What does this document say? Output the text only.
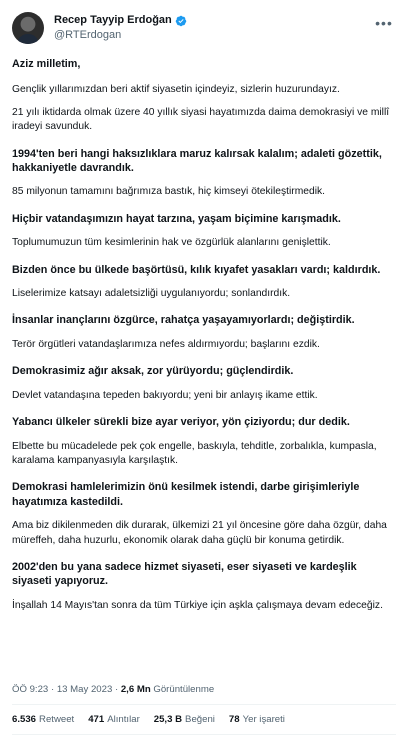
Recep Tayyip Erdoğan
@RTErdogan
•••

Aziz milletim,

Gençlik yıllarımızdan beri aktif siyasetin içindeyiz, sizlerin huzurundayız.

21 yılı iktidarda olmak üzere 40 yıllık siyasi hayatımızda daima demokrasiyi ve millî iradeyi savunduk.

1994'ten beri hangi haksızlıklara maruz kalırsak kalalım; adaleti gözettik, hakkaniyetle davrandık.

85 milyonun tamamını bağrımıza bastık, hiç kimseyi ötekileştirmedik.

Hiçbir vatandaşımızın hayat tarzına, yaşam biçimine karışmadık.

Toplumumuzun tüm kesimlerinin hak ve özgürlük alanlarını genişlettik.

Bizden önce bu ülkede başörtüsü, kılık kıyafet yasakları vardı; kaldırdık.

Liselerimize katsayı adaletsizliği uygulanıyordu; sonlandırdık.

İnsanlar inançlarını özgürce, rahatça yaşayamıyorlardı; değiştirdik.

Terör örgütleri vatandaşlarımıza nefes aldırmıyordu; başlarını ezdik.

Demokrasimiz ağır aksak, zor yürüyordu; güçlendirdik.

Devlet vatandaşına tepeden bakıyordu; yeni bir anlayış ikame ettik.

Yabancı ülkeler sürekli bize ayar veriyor, yön çiziyordu; dur dedik.

Elbette bu mücadelede pek çok engelle, baskıyla, tehditle, zorbalıkla, kumpasla, karalama kampanyasıyla karşılaştık.

Demokrasi hamlelerimizin önü kesilmek istendi, darbe girişimleriyle hayatımıza kastedildi.

Ama biz dikilenmeden dik durarak, ülkemizi 21 yıl öncesine göre daha özgür, daha müreffeh, daha huzurlu, ekonomik olarak daha güçlü bir konuma getirdik.

2002'den bu yana sadece hizmet siyaseti, eser siyaseti ve kardeşlik siyaseti yapıyoruz.

İnşallah 14 Mayıs'tan sonra da tüm Türkiye için aşkla çalışmaya devam edeceğiz.

ÖÖ 9:23 · 13 May 2023 · 2,6 Mn Görüntülenme
6.536 Retweet 471 Alıntılar 25,3 B Beğeni 78 Yer işareti
